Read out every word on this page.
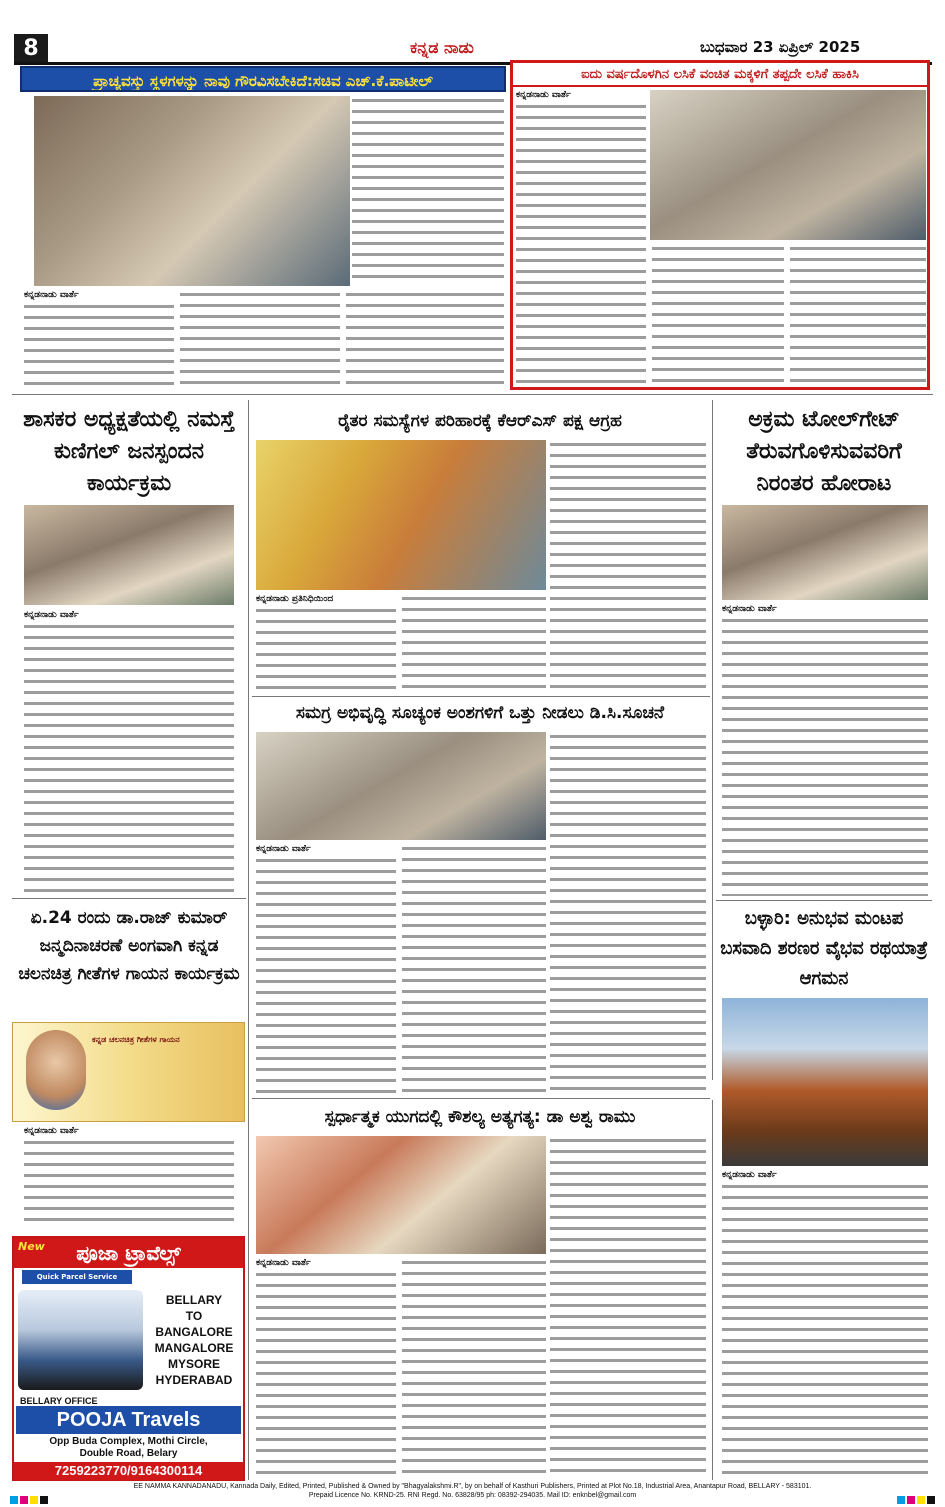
8	ಕನ್ನಡ ನಾಡು	ಬುಧವಾರ 23 ಏಪ್ರಿಲ್ 2025
ಪ್ರಾಚ್ಯವಸ್ತು ಸ್ಥಳಗಳನ್ನು ನಾವು ಗೌರವಿಸಬೇಕಿದೆ:ಸಚಿವ ಎಚ್.ಕೆ.ಪಾಟೀಲ್
ಕನ್ನಡನಾಡು ವಾರ್ತೆ
ಐದು ವರ್ಷದೊಳಗಿನ ಲಸಿಕೆ ವಂಚಿತ ಮಕ್ಕಳಿಗೆ ತಪ್ಪದೇ ಲಸಿಕೆ ಹಾಕಿಸಿ
ಕನ್ನಡನಾಡು ವಾರ್ತೆ
ಶಾಸಕರ ಅಧ್ಯಕ್ಷತೆಯಲ್ಲಿ ನಮಸ್ತೆ ಕುಣಿಗಲ್ ಜನಸ್ಪಂದನ ಕಾರ್ಯಕ್ರಮ
ಕನ್ನಡನಾಡು ವಾರ್ತೆ
ರೈತರ ಸಮಸ್ಯೆಗಳ ಪರಿಹಾರಕ್ಕೆ ಕೆಆರ್‌ಎಸ್ ಪಕ್ಷ ಆಗ್ರಹ
ಕನ್ನಡನಾಡು ಪ್ರತಿನಿಧಿಯಿಂದ
ಅಕ್ರಮ ಟೋಲ್‌ಗೇಟ್ ತೆರುವಗೊಳಿಸುವವರಿಗೆ ನಿರಂತರ ಹೋರಾಟ
ಕನ್ನಡನಾಡು ವಾರ್ತೆ
ಸಮಗ್ರ ಅಭಿವೃದ್ಧಿ ಸೂಚ್ಯಂಕ ಅಂಶಗಳಿಗೆ ಒತ್ತು ನೀಡಲು ಡಿ.ಸಿ.ಸೂಚನೆ
ಕನ್ನಡನಾಡು ವಾರ್ತೆ
ಏ.24 ರಂದು ಡಾ.ರಾಜ್ ಕುಮಾರ್ ಜನ್ಮದಿನಾಚರಣೆ ಅಂಗವಾಗಿ ಕನ್ನಡ ಚಲನಚಿತ್ರ ಗೀತೆಗಳ ಗಾಯನ ಕಾರ್ಯಕ್ರಮ
ಕನ್ನಡ ಚಲನಚಿತ್ರ ಗೀತೆಗಳ ಗಾಯನ
ಕನ್ನಡನಾಡು ವಾರ್ತೆ
ಬಳ್ಳಾರಿ: ಅನುಭವ ಮಂಟಪ ಬಸವಾದಿ ಶರಣರ ವೈಭವ ರಥಯಾತ್ರೆ ಆಗಮನ
ಕನ್ನಡನಾಡು ವಾರ್ತೆ
ಸ್ಪರ್ಧಾತ್ಮಕ ಯುಗದಲ್ಲಿ ಕೌಶಲ್ಯ ಅತ್ಯಗತ್ಯ: ಡಾ ಅಶ್ವ ರಾಮು
ಕನ್ನಡನಾಡು ವಾರ್ತೆ
ಪೂಜಾ ಟ್ರಾವೆಲ್ಸ್
New
Quick Parcel Service
BELLARY
TO
BANGALORE
MANGALORE
MYSORE
HYDERABAD
BELLARY OFFICE
POOJA Travels
Opp Buda Complex, Mothi Circle,
Double Road, Belary
7259223770/9164300114
EE NAMMA KANNADANADU, Kannada Daily, Edited, Printed, Published & Owned by "Bhagyalakshmi.R", by on behalf of Kasthuri Publishers, Printed at Plot No.18, Industrial Area, Anantapur Road, BELLARY - 583101.
Prepaid Licence No. KRND-25. RNI Regd. No. 63828/95 ph: 08392-294035. Mail ID: enknbel@gmail.com
